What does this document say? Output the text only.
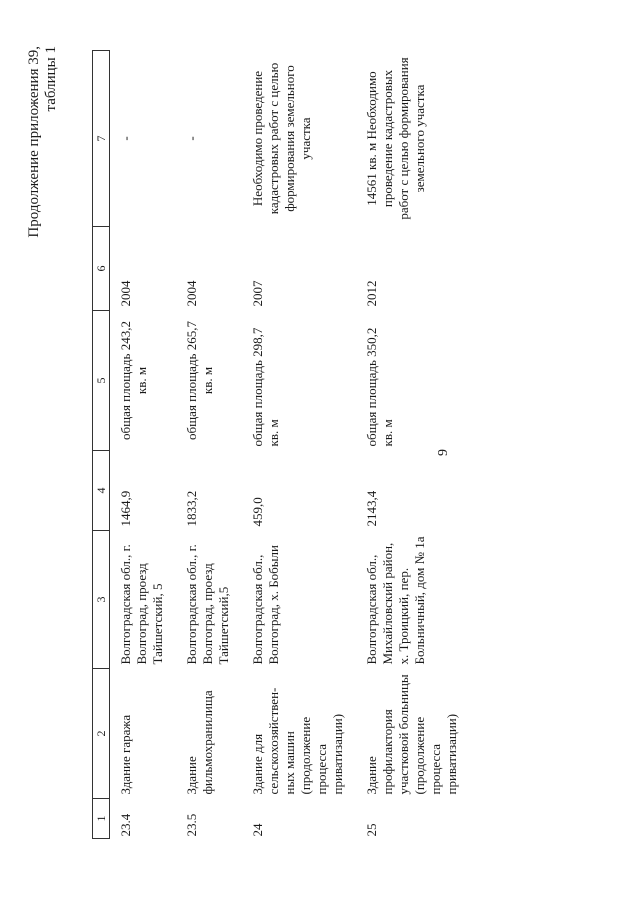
Продолжение приложения 39, таблицы 1
9
1	2	3	4	5	6	7
23.4	Здание гаража	Волгоградская обл., г. Волгоград, проезд Тайшетский, 5	1464,9	общая площадь 243,2 кв. м	2004	-
23.5	Здание фильмохранилища	Волгоградская обл., г. Волгоград, проезд Тайшетский,5	1833,2	общая площадь 265,7 кв. м	2004	-
24	Здание для сельскохозяйствен-ных машин (продолжение процесса приватизации)	Волгоградская обл., Волгоград, х. Бобыли	459,0	общая площадь 298,7 кв. м	2007	Необходимо проведение кадастровых работ с целью формирования земельного участка
25	Здание профилактория участковой больницы (продолжение процесса приватизации)	Волгоградская обл., Михайловский район, х. Троицкий, пер. Больничный, дом № 1а	2143,4	общая площадь 350,2 кв. м	2012	14561 кв. м Необходимо проведение кадастровых работ с целью формирования земельного участка
